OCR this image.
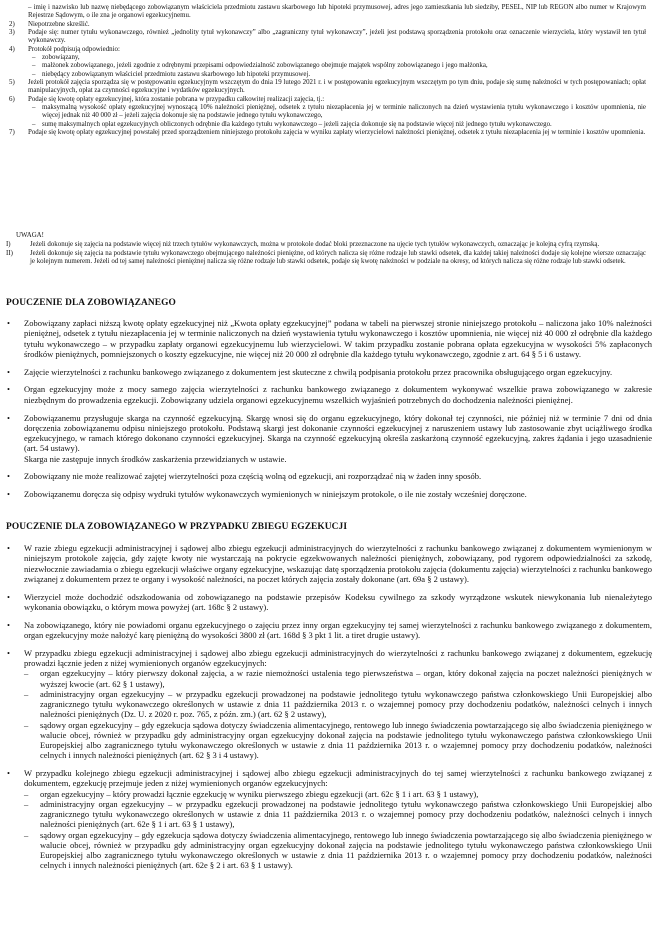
– imię i nazwisko lub nazwę niebędącego zobowiązanym właściciela przedmiotu zastawu skarbowego lub hipoteki przymusowej, adres jego zamieszkania lub siedziby, PESEL, NIP lub REGON albo numer w Krajowym Rejestrze Sądowym, o ile zna je organowi egzekucyjnemu.
2)	Niepotrzebne skreślić.
3)	Podaje się: numer tytułu wykonawczego, również „jednolity tytuł wykonawczy” albo „zagraniczny tytuł wykonawczy”, jeżeli jest podstawą sporządzenia protokołu oraz oznaczenie wierzyciela, który wystawił ten tytuł wykonawczy.
4)	Protokół podpisują odpowiednio:
– zobowiązany,
– małżonek zobowiązanego, jeżeli zgodnie z odrębnymi przepisami odpowiedzialność zobowiązanego obejmuje majątek wspólny zobowiązanego i jego małżonka,
– niebędący zobowiązanym właściciel przedmiotu zastawu skarbowego lub hipoteki przymusowej.
5)	Jeżeli protokół zajęcia sporządza się w postępowaniu egzekucyjnym wszczętym do dnia 19 lutego 2021 r. i w postępowaniu egzekucyjnym wszczętym po tym dniu, podaje się sumę należności w tych postępowaniach; opłat manipulacyjnych, opłat za czynności egzekucyjne i wydatków egzekucyjnych.
6)	Podaje się kwotę opłaty egzekucyjnej, która zostanie pobrana w przypadku całkowitej realizacji zajęcia, tj.:
– maksymalną wysokość opłaty egzekucyjnej wynoszącą 10% należności pieniężnej, odsetek z tytułu niezapłacenia jej w terminie naliczonych na dzień wystawienia tytułu wykonawczego i kosztów upomnienia, nie więcej jednak niż 40 000 zł – jeżeli zajęcia dokonuje się na podstawie jednego tytułu wykonawczego,
– sumę maksymalnych opłat egzekucyjnych obliczonych odrębnie dla każdego tytułu wykonawczego – jeżeli zajęcia dokonuje się na podstawie więcej niż jednego tytułu wykonawczego.
7)	Podaje się kwotę opłaty egzekucyjnej powstałej przed sporządzeniem niniejszego protokołu zajęcia w wyniku zapłaty wierzycielowi należności pieniężnej, odsetek z tytułu niezapłacenia jej w terminie i kosztów upomnienia.
UWAGA!
I)	Jeżeli dokonuje się zajęcia na podstawie więcej niż trzech tytułów wykonawczych, można w protokole dodać bloki przeznaczone na ujęcie tych tytułów wykonawczych, oznaczając je kolejną cyfrą rzymską.
II)	Jeżeli dokonuje się zajęcia na podstawie tytułu wykonawczego obejmującego należności pieniężne, od których nalicza się różne rodzaje lub stawki odsetek, dla każdej takiej należności dodaje się kolejne wiersze oznaczając je kolejnym numerem. Jeżeli od tej samej należności pieniężnej nalicza się różne rodzaje lub stawki odsetek, podaje się kwotę należności w podziale na okresy, od których nalicza się różne rodzaje lub stawki odsetek.
POUCZENIE DLA ZOBOWIĄZANEGO
•	Zobowiązany zapłaci niższą kwotę opłaty egzekucyjnej niż „Kwota opłaty egzekucyjnej” podana w tabeli na pierwszej stronie niniejszego protokołu – naliczona jako 10% należności pieniężnej, odsetek z tytułu niezapłacenia jej w terminie naliczonych na dzień wystawienia tytułu wykonawczego i kosztów upomnienia, nie więcej niż 40 000 zł odrębnie dla każdego tytułu wykonawczego – w przypadku zapłaty organowi egzekucyjnemu lub wierzycielowi. W takim przypadku zostanie pobrana opłata egzekucyjna w wysokości 5% zapłaconych środków pieniężnych, pomniejszonych o koszty egzekucyjne, nie więcej niż 20 000 zł odrębnie dla każdego tytułu wykonawczego, zgodnie z art. 64 § 5 i 6 ustawy.

•	Zajęcie wierzytelności z rachunku bankowego związanego z dokumentem jest skuteczne z chwilą podpisania protokołu przez pracownika obsługującego organ egzekucyjny.

•	Organ egzekucyjny może z mocy samego zajęcia wierzytelności z rachunku bankowego związanego z dokumentem wykonywać wszelkie prawa zobowiązanego w zakresie niezbędnym do prowadzenia egzekucji. Zobowiązany udziela organowi egzekucyjnemu wszelkich wyjaśnień potrzebnych do dochodzenia należności pieniężnej.

•	Zobowiązanemu przysługuje skarga na czynność egzekucyjną. Skargę wnosi się do organu egzekucyjnego, który dokonał tej czynności, nie później niż w terminie 7 dni od dnia doręczenia zobowiązanemu odpisu niniejszego protokołu. Podstawą skargi jest dokonanie czynności egzekucyjnej z naruszeniem ustawy lub zastosowanie zbyt uciążliwego środka egzekucyjnego, w ramach którego dokonano czynności egzekucyjnej. Skarga na czynność egzekucyjną określa zaskarżoną czynność egzekucyjną, zakres żądania i jego uzasadnienie (art. 54 ustawy).

Skarga nie zastępuje innych środków zaskarżenia przewidzianych w ustawie.

•	Zobowiązany nie może realizować zajętej wierzytelności poza częścią wolną od egzekucji, ani rozporządzać nią w żaden inny sposób.

•	Zobowiązanemu doręcza się odpisy wydruki tytułów wykonawczych wymienionych w niniejszym protokole, o ile nie zostały wcześniej doręczone.

POUCZENIE DLA ZOBOWIĄZANEGO W PRZYPADKU ZBIEGU EGZEKUCJI
•	W razie zbiegu egzekucji administracyjnej i sądowej albo zbiegu egzekucji administracyjnych do wierzytelności z rachunku bankowego związanej z dokumentem wymienionym w niniejszym protokole zajęcia, gdy zajęte kwoty nie wystarczają na pokrycie egzekwowanych należności pieniężnych, zobowiązany, pod rygorem odpowiedzialności za szkodę, niezwłocznie zawiadamia o zbiegu egzekucji właściwe organy egzekucyjne, wskazując datę sporządzenia protokołu zajęcia (dokumentu zajęcia) wierzytelności z rachunku bankowego związanej z dokumentem przez te organy i wysokość należności, na poczet których zajęcia zostały dokonane (art. 69a § 2 ustawy).

•	Wierzyciel może dochodzić odszkodowania od zobowiązanego na podstawie przepisów Kodeksu cywilnego za szkody wyrządzone wskutek niewykonania lub nienależytego wykonania obowiązku, o którym mowa powyżej (art. 168c § 2 ustawy).

•	Na zobowiązanego, który nie powiadomi organu egzekucyjnego o zajęciu przez inny organ egzekucyjny tej samej wierzytelności z rachunku bankowego związanego z dokumentem, organ egzekucyjny może nałożyć karę pieniężną do wysokości 3800 zł (art. 168d § 3 pkt 1 lit. a tiret drugie ustawy).

•	W przypadku zbiegu egzekucji administracyjnej i sądowej albo zbiegu egzekucji administracyjnych do wierzytelności z rachunku bankowego związanej z dokumentem, egzekucję prowadzi łącznie jeden z niżej wymienionych organów egzekucyjnych:

–	organ egzekucyjny – który pierwszy dokonał zajęcia, a w razie niemożności ustalenia tego pierwszeństwa – organ, który dokonał zajęcia na poczet należności pieniężnych w wyższej kwocie (art. 62 § 1 ustawy),
–	administracyjny organ egzekucyjny – w przypadku egzekucji prowadzonej na podstawie jednolitego tytułu wykonawczego państwa członkowskiego Unii Europejskiej albo zagranicznego tytułu wykonawczego określonych w ustawie z dnia 11 października 2013 r. o wzajemnej pomocy przy dochodzeniu podatków, należności celnych i innych należności pieniężnych (Dz. U. z 2020 r. poz. 765, z późn. zm.) (art. 62 § 2 ustawy),
–	sądowy organ egzekucyjny – gdy egzekucja sądowa dotyczy świadczenia alimentacyjnego, rentowego lub innego świadczenia powtarzającego się albo świadczenia pieniężnego w walucie obcej, również w przypadku gdy administracyjny organ egzekucyjny dokonał zajęcia na podstawie jednolitego tytułu wykonawczego państwa członkowskiego Unii Europejskiej albo zagranicznego tytułu wykonawczego określonych w ustawie z dnia 11 października 2013 r. o wzajemnej pomocy przy dochodzeniu podatków, należności celnych i innych należności pieniężnych (art. 62 § 3 i 4 ustawy).
•	W przypadku kolejnego zbiegu egzekucji administracyjnej i sądowej albo zbiegu egzekucji administracyjnych do tej samej wierzytelności z rachunku bankowego związanej z dokumentem, egzekucję przejmuje jeden z niżej wymienionych organów egzekucyjnych:

–	organ egzekucyjny – który prowadzi łącznie egzekucję w wyniku pierwszego zbiegu egzekucji (art. 62c § 1 i art. 63 § 1 ustawy),
–	administracyjny organ egzekucyjny – w przypadku egzekucji prowadzonej na podstawie jednolitego tytułu wykonawczego państwa członkowskiego Unii Europejskiej albo zagranicznego tytułu wykonawczego określonych w ustawie z dnia 11 października 2013 r. o wzajemnej pomocy przy dochodzeniu podatków, należności celnych i innych należności pieniężnych (art. 62e § 1 i art. 63 § 1 ustawy),
–	sądowy organ egzekucyjny – gdy egzekucja sądowa dotyczy świadczenia alimentacyjnego, rentowego lub innego świadczenia powtarzającego się albo świadczenia pieniężnego w walucie obcej, również w przypadku gdy administracyjny organ egzekucyjny dokonał zajęcia na podstawie jednolitego tytułu wykonawczego państwa członkowskiego Unii Europejskiej albo zagranicznego tytułu wykonawczego określonych w ustawie z dnia 11 października 2013 r. o wzajemnej pomocy przy dochodzeniu podatków, należności celnych i innych należności pieniężnych (art. 62e § 2 i art. 63 § 1 ustawy).
